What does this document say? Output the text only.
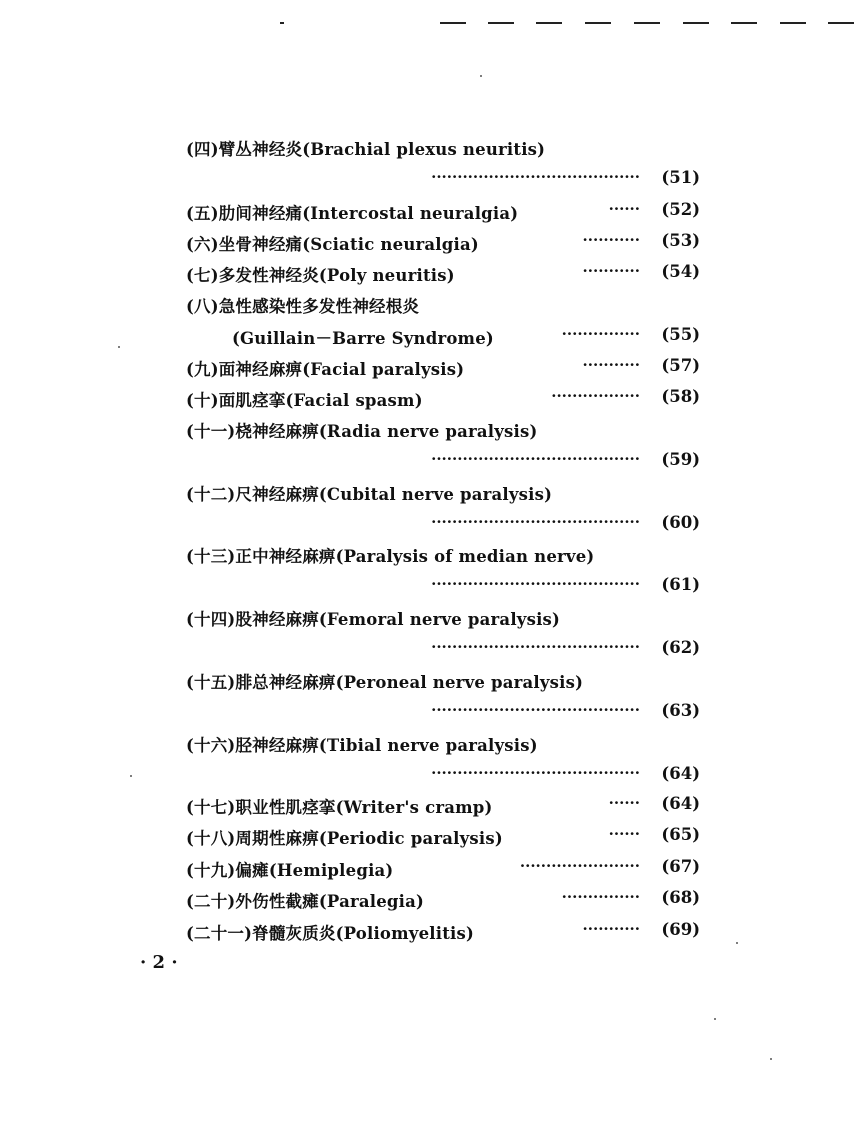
(四)臂丛神经炎(Brachial plexus neuritis)
········································ (51)
(五)肋间神经痛(Intercostal neuralgia)	······ (52)
(六)坐骨神经痛(Sciatic neuralgia)	··········· (53)
(七)多发性神经炎(Poly neuritis)	··········· (54)
(八)急性感染性多发性神经根炎
(Guillain－Barre Syndrome)	··············· (55)
(九)面神经麻痹(Facial paralysis)	··········· (57)
(十)面肌痉挛(Facial spasm)	················· (58)
(十一)桡神经麻痹(Radia nerve paralysis)
········································ (59)
(十二)尺神经麻痹(Cubital nerve paralysis)
········································ (60)
(十三)正中神经麻痹(Paralysis of median nerve)
········································ (61)
(十四)股神经麻痹(Femoral nerve paralysis)
········································ (62)
(十五)腓总神经麻痹(Peroneal nerve paralysis)
········································ (63)
(十六)胫神经麻痹(Tibial nerve paralysis)
········································ (64)
(十七)职业性肌痉挛(Writer's cramp)	······ (64)
(十八)周期性麻痹(Periodic paralysis)	······ (65)
(十九)偏瘫(Hemiplegia)	······················· (67)
(二十)外伤性截瘫(Paralegia)	··············· (68)
(二十一)脊髓灰质炎(Poliomyelitis)	··········· (69)
· 2 ·
